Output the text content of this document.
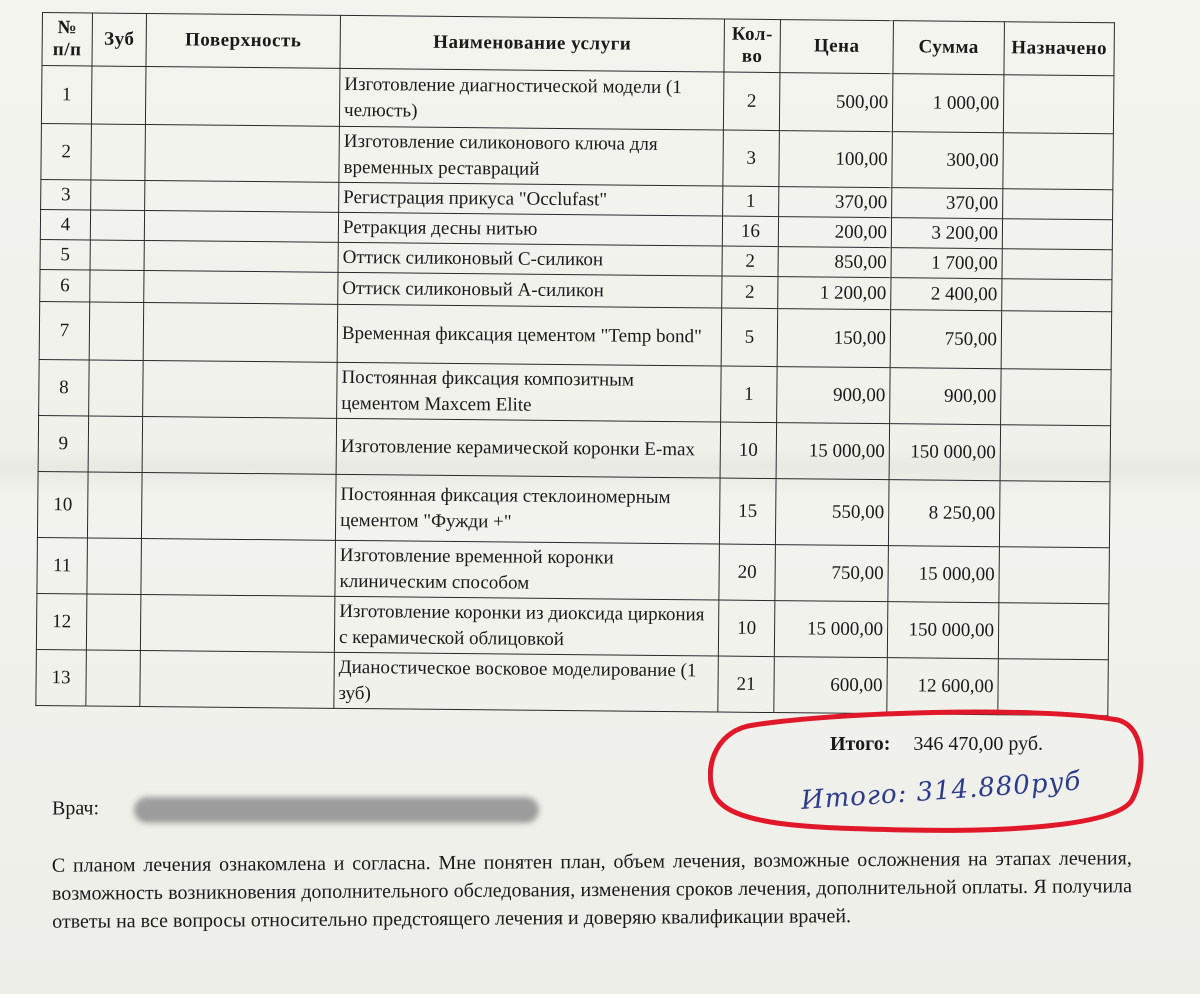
№ п/п	Зуб	Поверхность	Наименование услуги	Кол-во	Цена	Сумма	Назначено
1			Изготовление диагностической модели (1 челюсть)	2	500,00	1 000,00	
2			Изготовление силиконового ключа для временных реставраций	3	100,00	300,00	
3			Регистрация прикуса "Occlufast"	1	370,00	370,00	
4			Ретракция десны нитью	16	200,00	3 200,00	
5			Оттиск силиконовый С-силикон	2	850,00	1 700,00	
6			Оттиск силиконовый А-силикон	2	1 200,00	2 400,00	
7			Временная фиксация цементом "Temp bond"	5	150,00	750,00	
8			Постоянная фиксация композитным цементом Maxcem Elite	1	900,00	900,00	
9			Изготовление керамической коронки E-max	10	15 000,00	150 000,00	
10			Постоянная фиксация стеклоиномерным цементом "Фужди +"	15	550,00	8 250,00	
11			Изготовление временной коронки клиническим способом	20	750,00	15 000,00	
12			Изготовление коронки из диоксида циркония с керамической облицовкой	10	15 000,00	150 000,00	
13			Дианостическое восковое моделирование (1 зуб)	21	600,00	12 600,00	
Итого: 346 470,00 руб.
Итого: 314.880руб
Врач:
С планом лечения ознакомлена и согласна. Мне понятен план, объем лечения, возможные осложнения на этапах лечения, возможность возникновения дополнительного обследования, изменения сроков лечения, дополнительной оплаты. Я получила ответы на все вопросы относительно предстоящего лечения и доверяю квалификации врачей.
